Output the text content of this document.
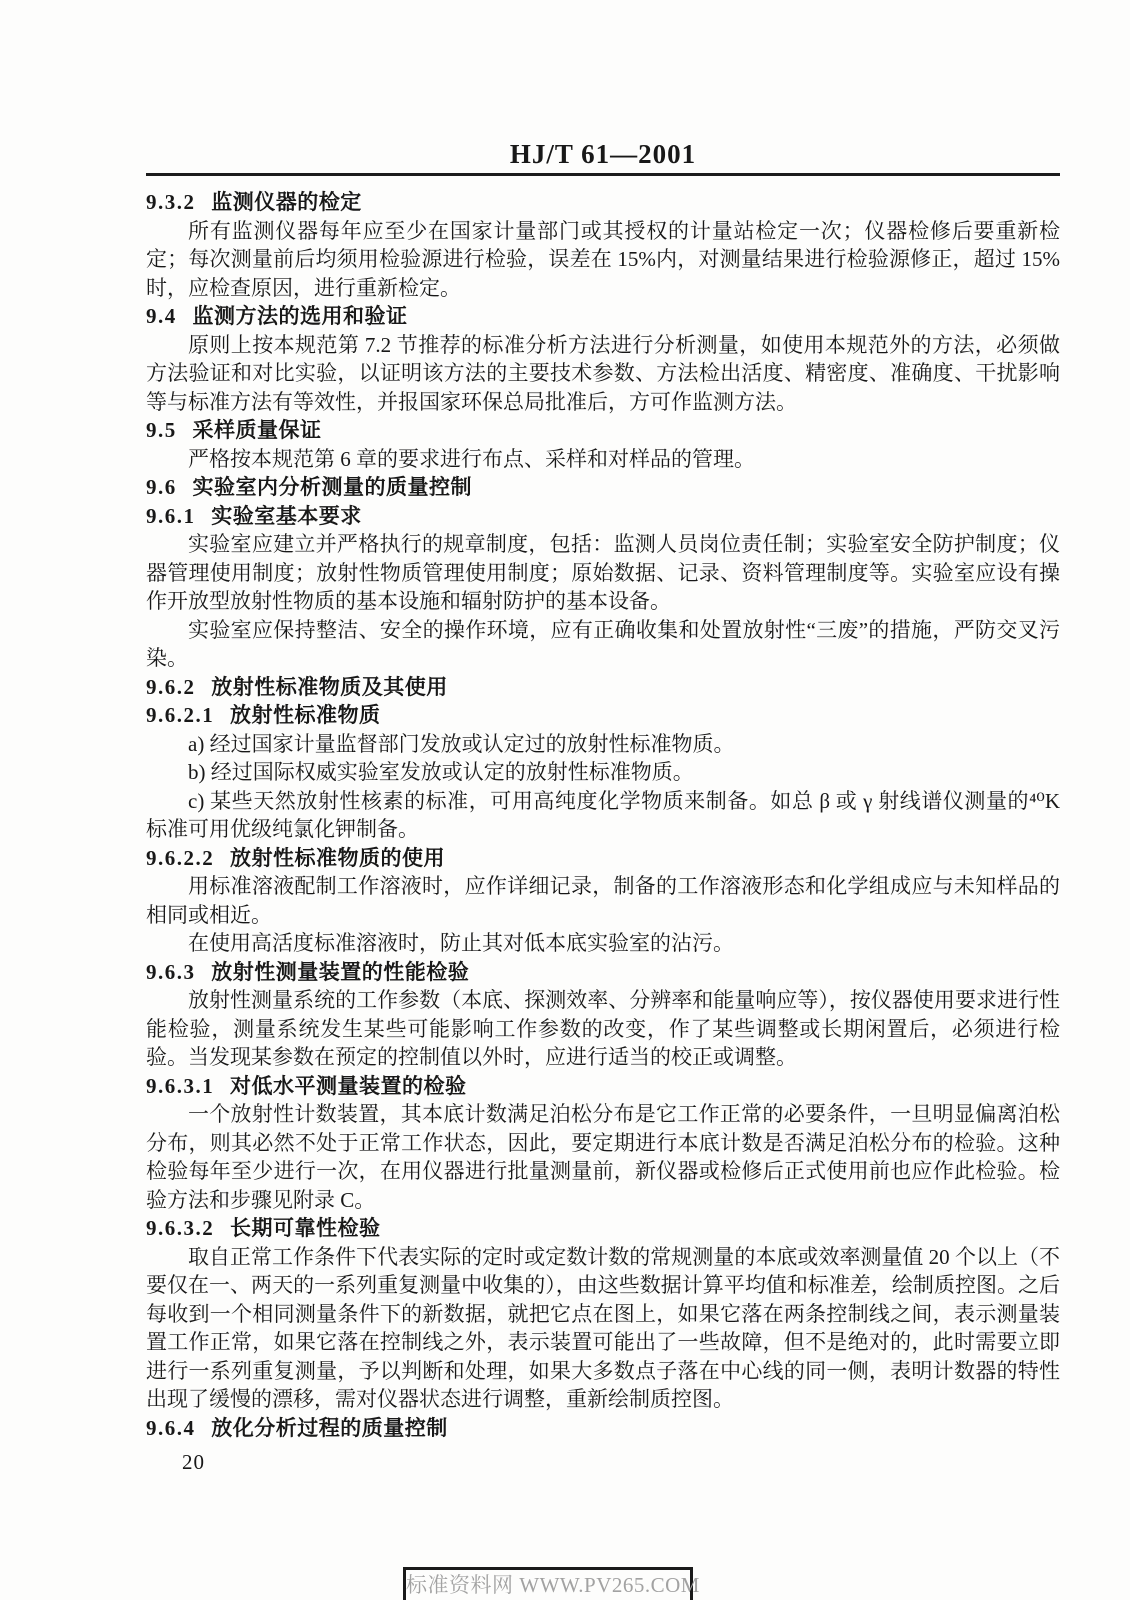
HJ/T 61—2001
9.3.2 监测仪器的检定

所有监测仪器每年应至少在国家计量部门或其授权的计量站检定一次；仪器检修后要重新检定；每次测量前后均须用检验源进行检验，误差在 15%内，对测量结果进行检验源修正，超过 15%时，应检查原因，进行重新检定。

9.4 监测方法的选用和验证

原则上按本规范第 7.2 节推荐的标准分析方法进行分析测量，如使用本规范外的方法，必须做方法验证和对比实验，以证明该方法的主要技术参数、方法检出活度、精密度、准确度、干扰影响等与标准方法有等效性，并报国家环保总局批准后，方可作监测方法。

9.5 采样质量保证

严格按本规范第 6 章的要求进行布点、采样和对样品的管理。

9.6 实验室内分析测量的质量控制
9.6.1 实验室基本要求

实验室应建立并严格执行的规章制度，包括：监测人员岗位责任制；实验室安全防护制度；仪器管理使用制度；放射性物质管理使用制度；原始数据、记录、资料管理制度等。实验室应设有操作开放型放射性物质的基本设施和辐射防护的基本设备。

实验室应保持整洁、安全的操作环境，应有正确收集和处置放射性“三废”的措施，严防交叉污染。

9.6.2 放射性标准物质及其使用
9.6.2.1 放射性标准物质

a) 经过国家计量监督部门发放或认定过的放射性标准物质。

b) 经过国际权威实验室发放或认定的放射性标准物质。

c) 某些天然放射性核素的标准，可用高纯度化学物质来制备。如总 β 或 γ 射线谱仪测量的⁴⁰K 标准可用优级纯氯化钾制备。

9.6.2.2 放射性标准物质的使用

用标准溶液配制工作溶液时，应作详细记录，制备的工作溶液形态和化学组成应与未知样品的相同或相近。

在使用高活度标准溶液时，防止其对低本底实验室的沾污。

9.6.3 放射性测量装置的性能检验

放射性测量系统的工作参数（本底、探测效率、分辨率和能量响应等），按仪器使用要求进行性能检验，测量系统发生某些可能影响工作参数的改变，作了某些调整或长期闲置后，必须进行检验。当发现某参数在预定的控制值以外时，应进行适当的校正或调整。

9.6.3.1 对低水平测量装置的检验

一个放射性计数装置，其本底计数满足泊松分布是它工作正常的必要条件，一旦明显偏离泊松分布，则其必然不处于正常工作状态，因此，要定期进行本底计数是否满足泊松分布的检验。这种检验每年至少进行一次，在用仪器进行批量测量前，新仪器或检修后正式使用前也应作此检验。检验方法和步骤见附录 C。

9.6.3.2 长期可靠性检验

取自正常工作条件下代表实际的定时或定数计数的常规测量的本底或效率测量值 20 个以上（不要仅在一、两天的一系列重复测量中收集的），由这些数据计算平均值和标准差，绘制质控图。之后每收到一个相同测量条件下的新数据，就把它点在图上，如果它落在两条控制线之间，表示测量装置工作正常，如果它落在控制线之外，表示装置可能出了一些故障，但不是绝对的，此时需要立即进行一系列重复测量，予以判断和处理，如果大多数点子落在中心线的同一侧，表明计数器的特性出现了缓慢的漂移，需对仪器状态进行调整，重新绘制质控图。

9.6.4 放化分析过程的质量控制
20
标准资料网 WWW.PV265.COM
